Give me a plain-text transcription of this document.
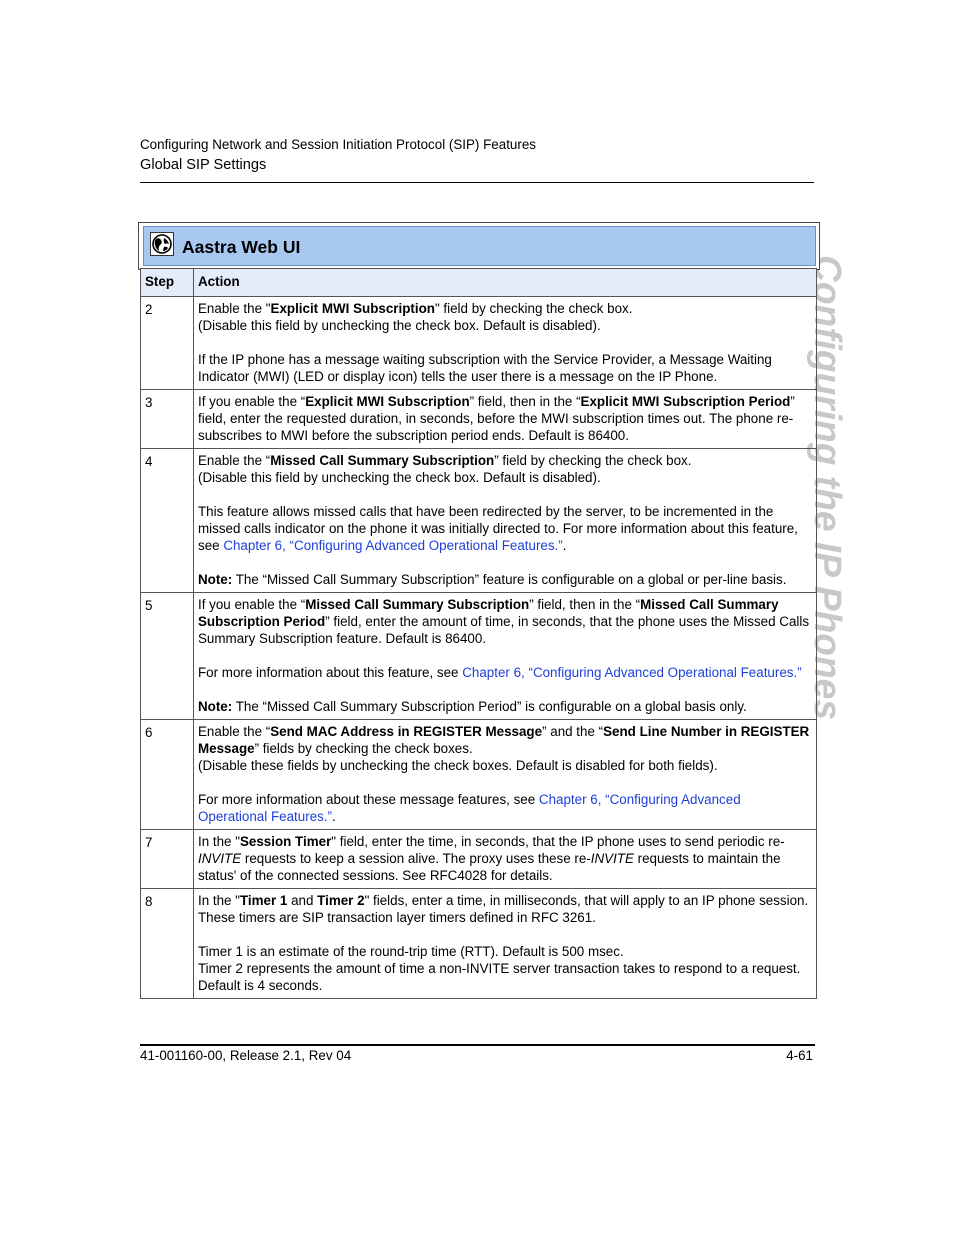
Configuring Network and Session Initiation Protocol (SIP) Features
Global SIP Settings
Configuring the IP Phones
Aastra Web UI
Step	Action
2	Enable the "Explicit MWI Subscription" field by checking the check box.

(Disable this field by unchecking the check box. Default is disabled).

If the IP phone has a message waiting subscription with the Service Provider, a Message Waiting Indicator (MWI) (LED or display icon) tells the user there is a message on the IP Phone.

3	If you enable the “Explicit MWI Subscription” field, then in the “Explicit MWI Subscription Period” field, enter the requested duration, in seconds, before the MWI subscription times out. The phone re-subscribes to MWI before the subscription period ends. Default is 86400.

4	Enable the “Missed Call Summary Subscription” field by checking the check box.

(Disable this field by unchecking the check box. Default is disabled).

This feature allows missed calls that have been redirected by the server, to be incremented in the missed calls indicator on the phone it was initially directed to. For more information about this feature, see Chapter 6, “Configuring Advanced Operational Features.”.

Note: The “Missed Call Summary Subscription” feature is configurable on a global or per-line basis.

5	If you enable the “Missed Call Summary Subscription” field, then in the “Missed Call Summary Subscription Period” field, enter the amount of time, in seconds, that the phone uses the Missed Calls Summary Subscription feature. Default is 86400.

For more information about this feature, see Chapter 6, “Configuring Advanced Operational Features.”

Note: The “Missed Call Summary Subscription Period” is configurable on a global basis only.

6	Enable the “Send MAC Address in REGISTER Message” and the “Send Line Number in REGISTER Message” fields by checking the check boxes.

(Disable these fields by unchecking the check boxes. Default is disabled for both fields).

For more information about these message features, see Chapter 6, “Configuring Advanced Operational Features.”.

7	In the "Session Timer" field, enter the time, in seconds, that the IP phone uses to send periodic re-INVITE requests to keep a session alive. The proxy uses these re-INVITE requests to maintain the status' of the connected sessions. See RFC4028 for details.

8	In the "Timer 1 and Timer 2" fields, enter a time, in milliseconds, that will apply to an IP phone session. These timers are SIP transaction layer timers defined in RFC 3261.

Timer 1 is an estimate of the round-trip time (RTT). Default is 500 msec.

Timer 2 represents the amount of time a non-INVITE server transaction takes to respond to a request. Default is 4 seconds.

41-001160-00, Release 2.1, Rev 04	4-61
